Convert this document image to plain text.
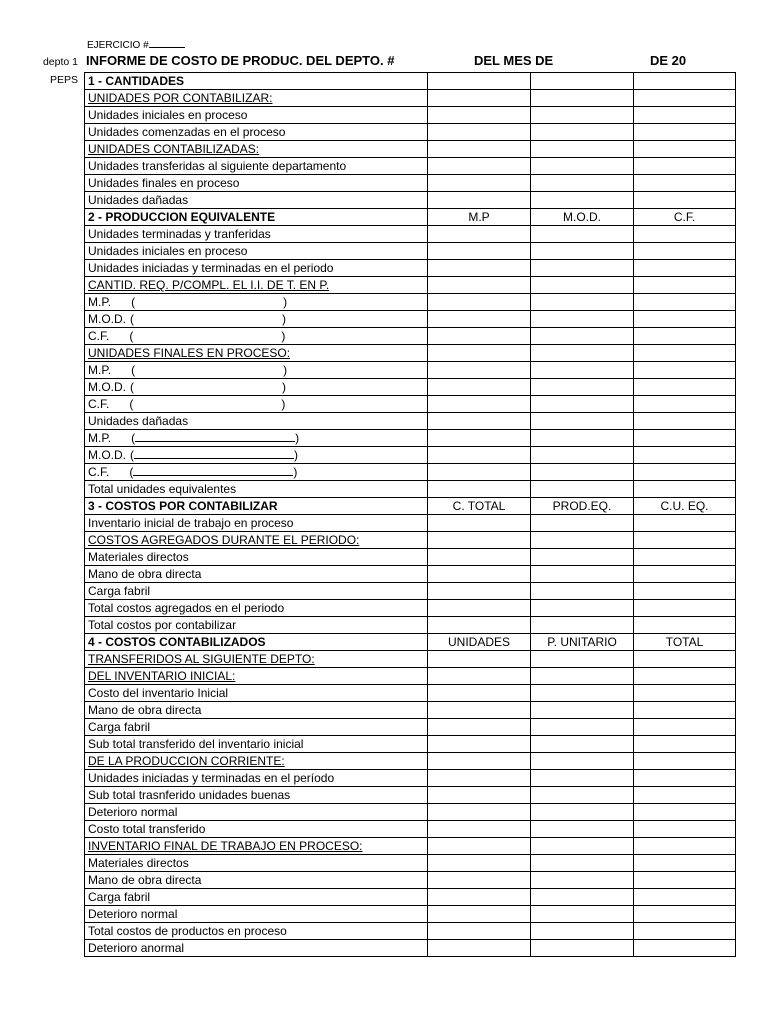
EJERCICIO #
depto 1
PEPS
INFORME DE COSTO DE PRODUC. DEL DEPTO. #	DEL MES DE	DE 20
1 - CANTIDADES			
UNIDADES POR CONTABILIZAR:			
Unidades iniciales en proceso			
Unidades comenzadas en el proceso			
UNIDADES CONTABILIZADAS:			
Unidades transferidas al siguiente departamento			
Unidades finales en proceso			
Unidades dañadas			
2 - PRODUCCION EQUIVALENTE	M.P	M.O.D.	C.F.
Unidades terminadas y tranferidas			
Unidades iniciales en proceso			
Unidades iniciadas y terminadas en el periodo			
CANTID. REQ. P/COMPL. EL I.I. DE T. EN P.			
M.P. ( )			
M.O.D. ( )			
C.F. ( )			
UNIDADES FINALES EN PROCESO:			
M.P. ( )			
M.O.D. ( )			
C.F. ( )			
Unidades dañadas			
M.P. ( )			
M.O.D. ( )			
C.F. ( )			
Total unidades equivalentes			
3 - COSTOS POR CONTABILIZAR	C. TOTAL	PROD.EQ.	C.U. EQ.
Inventario inicial de trabajo en proceso			
COSTOS AGREGADOS DURANTE EL PERIODO:			
Materiales directos			
Mano de obra directa			
Carga fabril			
Total costos agregados en el periodo			
Total costos por contabilizar			
4 - COSTOS CONTABILIZADOS	UNIDADES	P. UNITARIO	TOTAL
TRANSFERIDOS AL SIGUIENTE DEPTO:			
DEL INVENTARIO INICIAL:			
Costo del inventario Inicial			
Mano de obra directa			
Carga fabril			
Sub total transferido del inventario inicial			
DE LA PRODUCCION CORRIENTE:			
Unidades iniciadas y terminadas en el período			
Sub total trasnferido unidades buenas			
Deterioro normal			
Costo total transferido			
INVENTARIO FINAL DE TRABAJO EN PROCESO:			
Materiales directos			
Mano de obra directa			
Carga fabril			
Deterioro normal			
Total costos de productos en proceso			
Deterioro anormal			
